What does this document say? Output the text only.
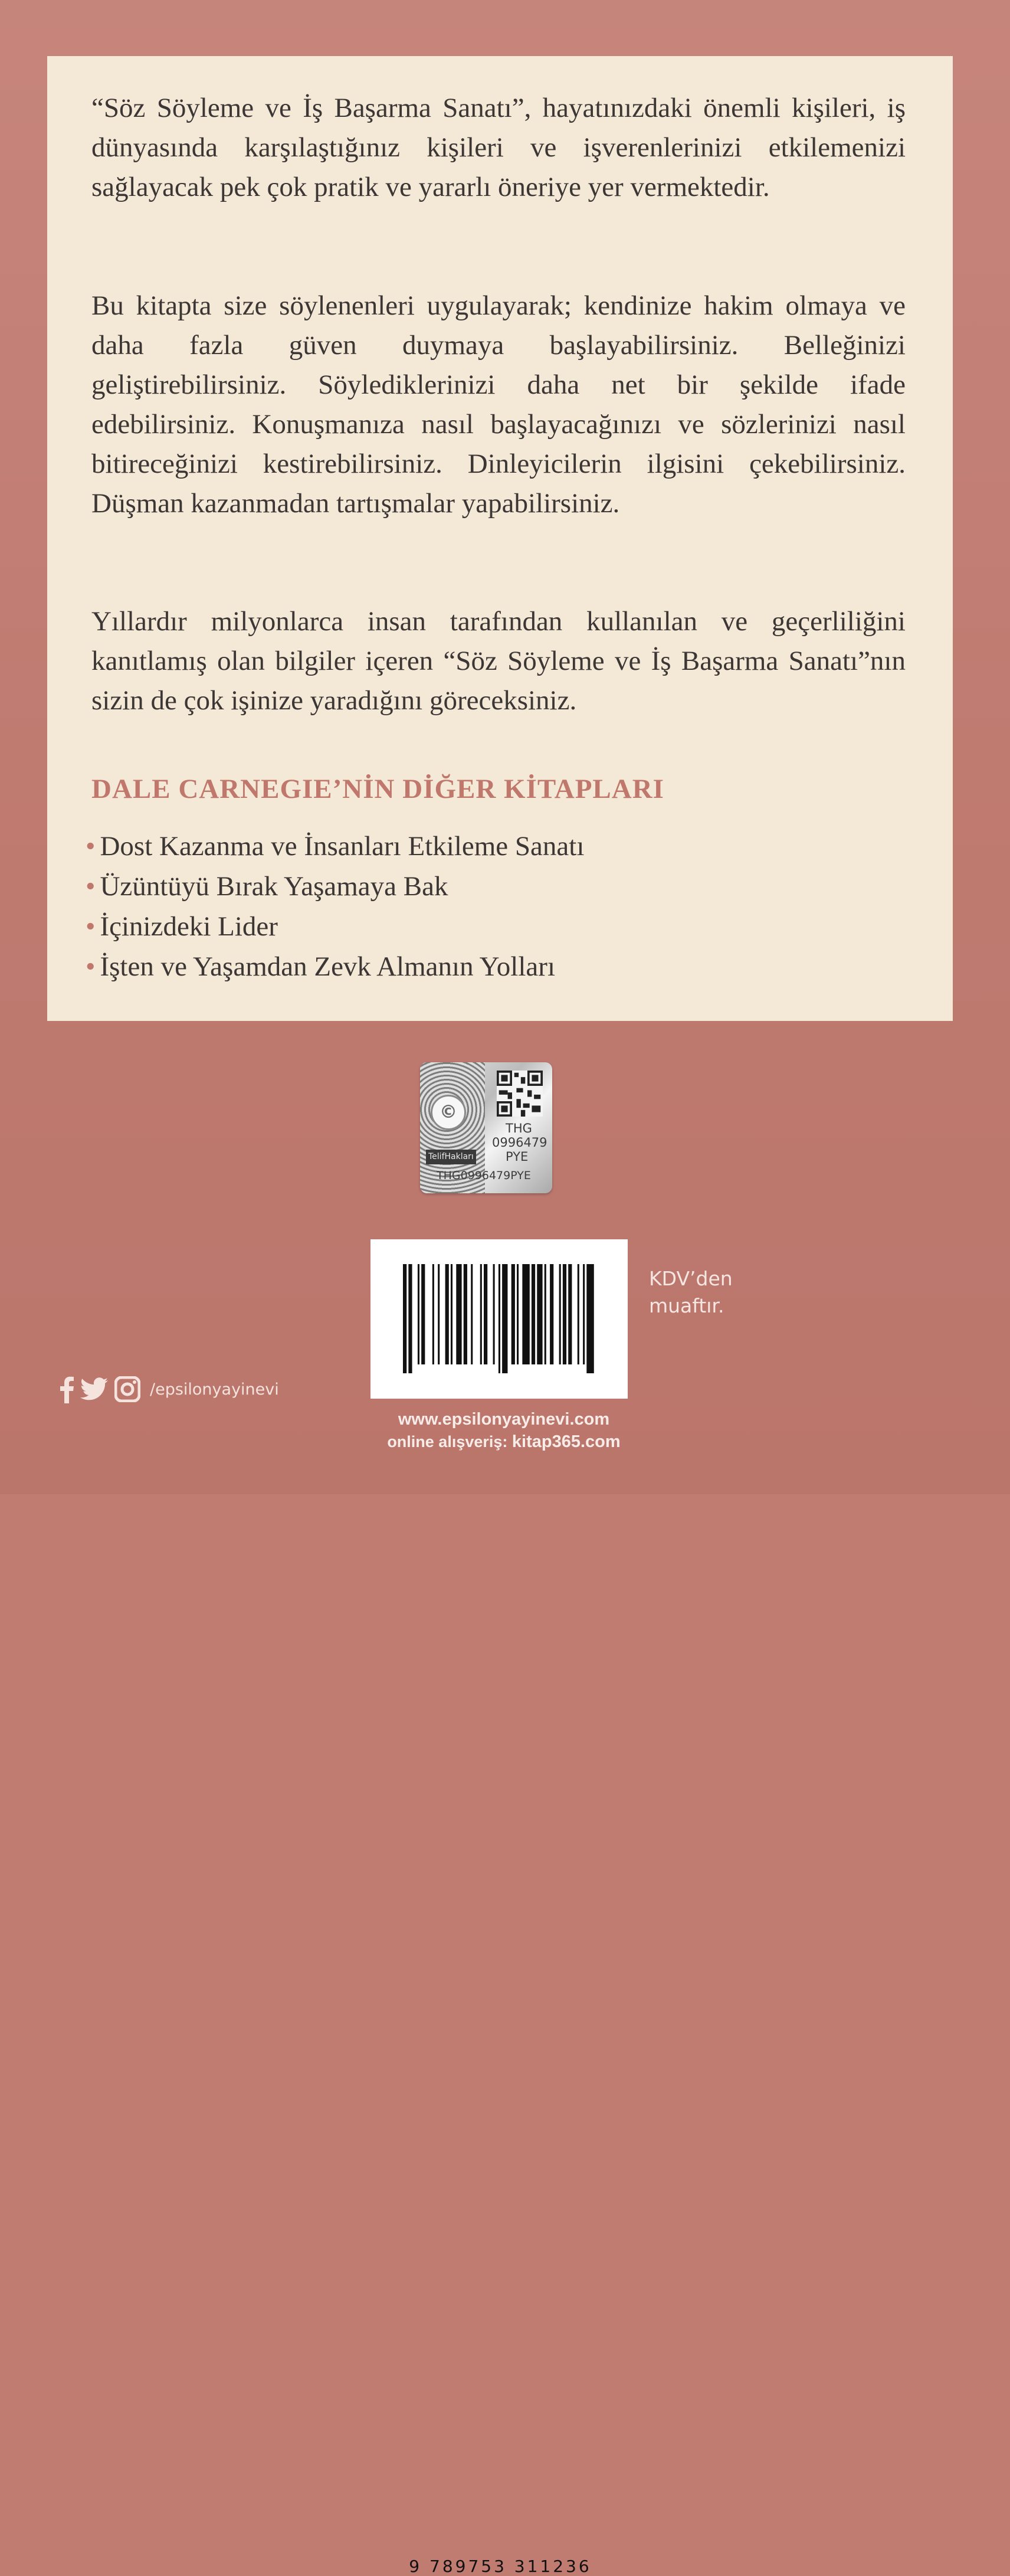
“Söz Söyleme ve İş Başarma Sanatı”, hayatınızdaki önemli kişileri, iş dünyasında karşılaştığınız kişileri ve işverenlerinizi etkilemenizi sağlayacak pek çok pratik ve yararlı öneriye yer vermektedir.

Bu kitapta size söylenenleri uygulayarak; kendinize hakim olmaya ve daha fazla güven duymaya başlayabilirsiniz. Belleğinizi geliştirebilirsiniz. Söylediklerinizi daha net bir şekilde ifade edebilirsiniz. Konuşmanıza nasıl başlayacağınızı ve sözlerinizi nasıl bitireceğinizi kestirebilirsiniz. Dinleyicilerin ilgisini çekebilirsiniz. Düşman kazanmadan tartışmalar yapabilirsiniz.

Yıllardır milyonlarca insan tarafından kullanılan ve geçerliliğini kanıtlamış olan bilgiler içeren “Söz Söyleme ve İş Başarma Sanatı”nın sizin de çok işinize yaradığını göreceksiniz.

DALE CARNEGIE’NİN DİĞER KİTAPLARI
• Dost Kazanma ve İnsanları Etkileme Sanatı
• Üzüntüyü Bırak Yaşamaya Bak
• İçinizdeki Lider
• İşten ve Yaşamdan Zevk Almanın Yolları
©
TelifHakları
THG
0996479
PYE
THG0996479PYE
9 789753 311236

KDV’den
muaftır.

/epsilonyayinevi
www.epsilonyayinevi.com
online alışveriş: kitap365.com
